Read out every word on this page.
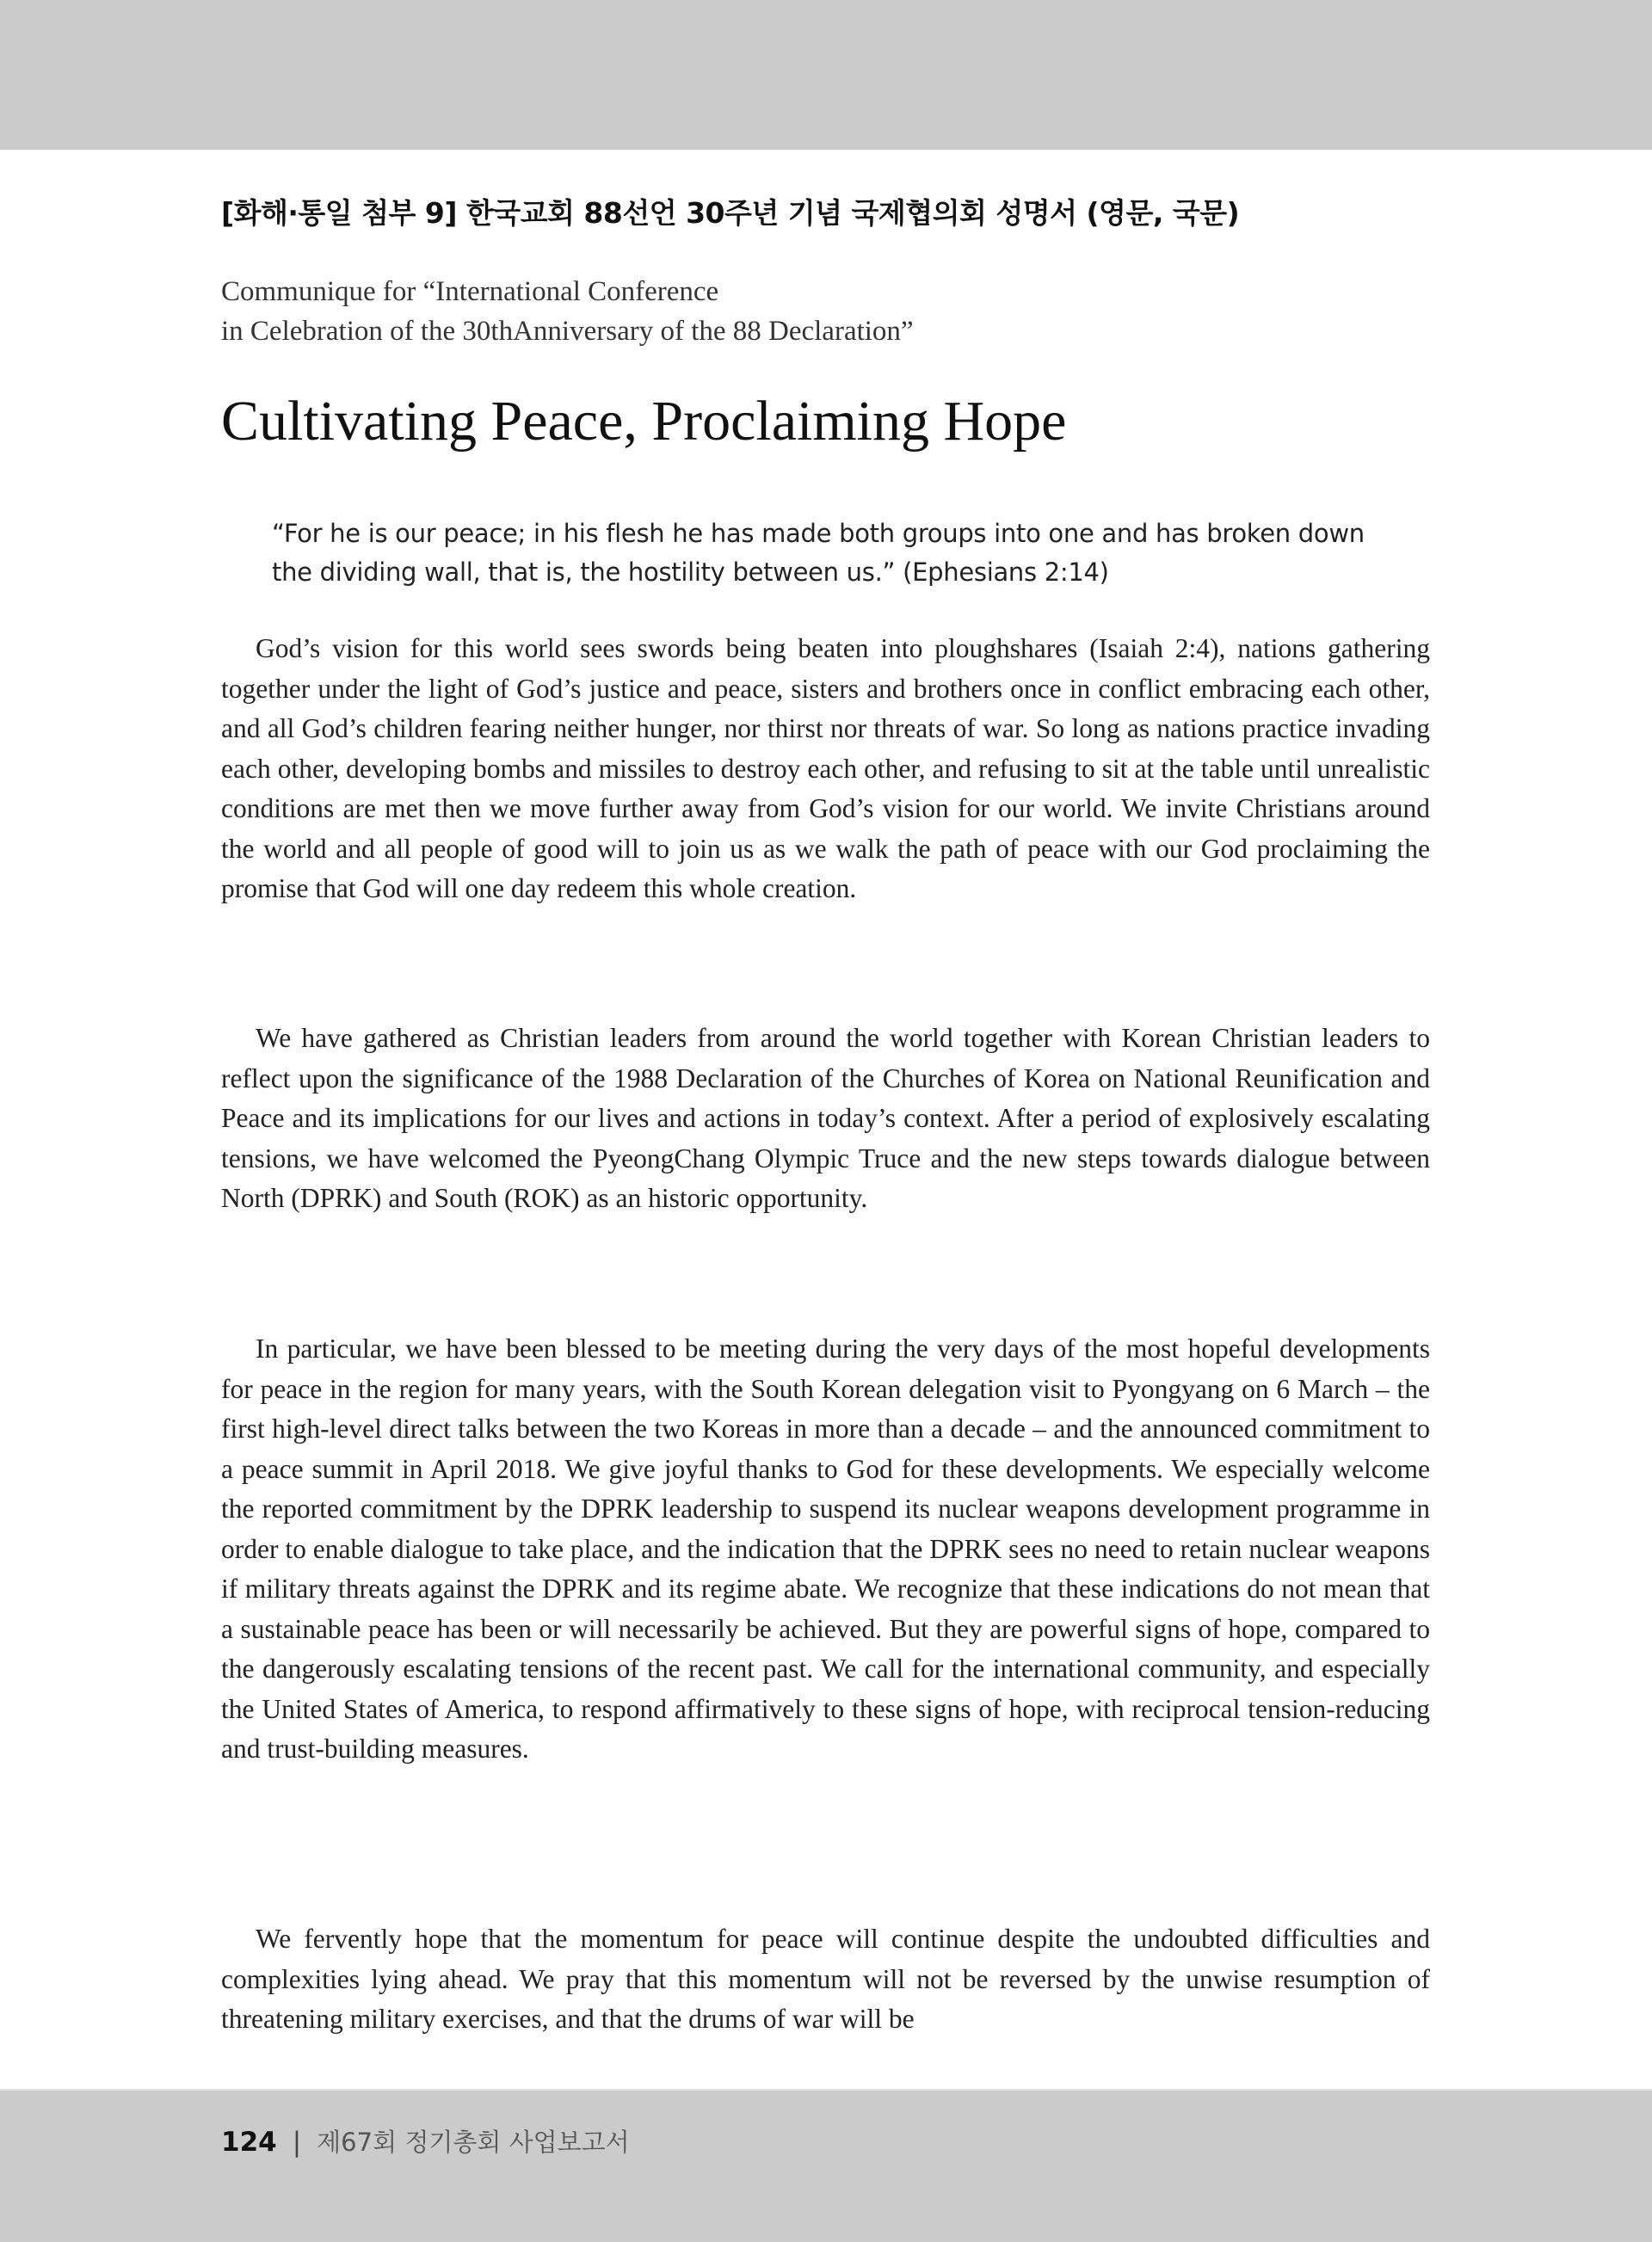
[화해·통일 첨부 9] 한국교회 88선언 30주년 기념 국제협의회 성명서 (영문, 국문)
Communique for “International Conference
in Celebration of the 30thAnniversary of the 88 Declaration”
Cultivating Peace, Proclaiming Hope
“For he is our peace; in his flesh he has made both groups into one and has broken down the dividing wall, that is, the hostility between us.” (Ephesians 2:14)
God’s vision for this world sees swords being beaten into ploughshares (Isaiah 2:4), nations gathering together under the light of God’s justice and peace, sisters and brothers once in conflict embracing each other, and all God’s children fearing neither hunger, nor thirst nor threats of war. So long as nations practice invading each other, developing bombs and missiles to destroy each other, and refusing to sit at the table until unrealistic conditions are met then we move further away from God’s vision for our world. We invite Christians around the world and all people of good will to join us as we walk the path of peace with our God proclaiming the promise that God will one day redeem this whole creation.
We have gathered as Christian leaders from around the world together with Korean Christian leaders to reflect upon the significance of the 1988 Declaration of the Churches of Korea on National Reunification and Peace and its implications for our lives and actions in today’s context. After a period of explosively escalating tensions, we have welcomed the PyeongChang Olympic Truce and the new steps towards dialogue between North (DPRK) and South (ROK) as an historic opportunity.
In particular, we have been blessed to be meeting during the very days of the most hopeful developments for peace in the region for many years, with the South Korean delegation visit to Pyongyang on 6 March – the first high-level direct talks between the two Koreas in more than a decade – and the announced commitment to a peace summit in April 2018. We give joyful thanks to God for these developments. We especially welcome the reported commitment by the DPRK leadership to suspend its nuclear weapons development programme in order to enable dialogue to take place, and the indication that the DPRK sees no need to retain nuclear weapons if military threats against the DPRK and its regime abate. We recognize that these indications do not mean that a sustainable peace has been or will necessarily be achieved. But they are powerful signs of hope, compared to the dangerously escalating tensions of the recent past. We call for the international community, and especially the United States of America, to respond affirmatively to these signs of hope, with reciprocal tension-reducing and trust-building measures.
We fervently hope that the momentum for peace will continue despite the undoubted difficulties and complexities lying ahead. We pray that this momentum will not be reversed by the unwise resumption of threatening military exercises, and that the drums of war will be
124 | 제67회 정기총회 사업보고서
